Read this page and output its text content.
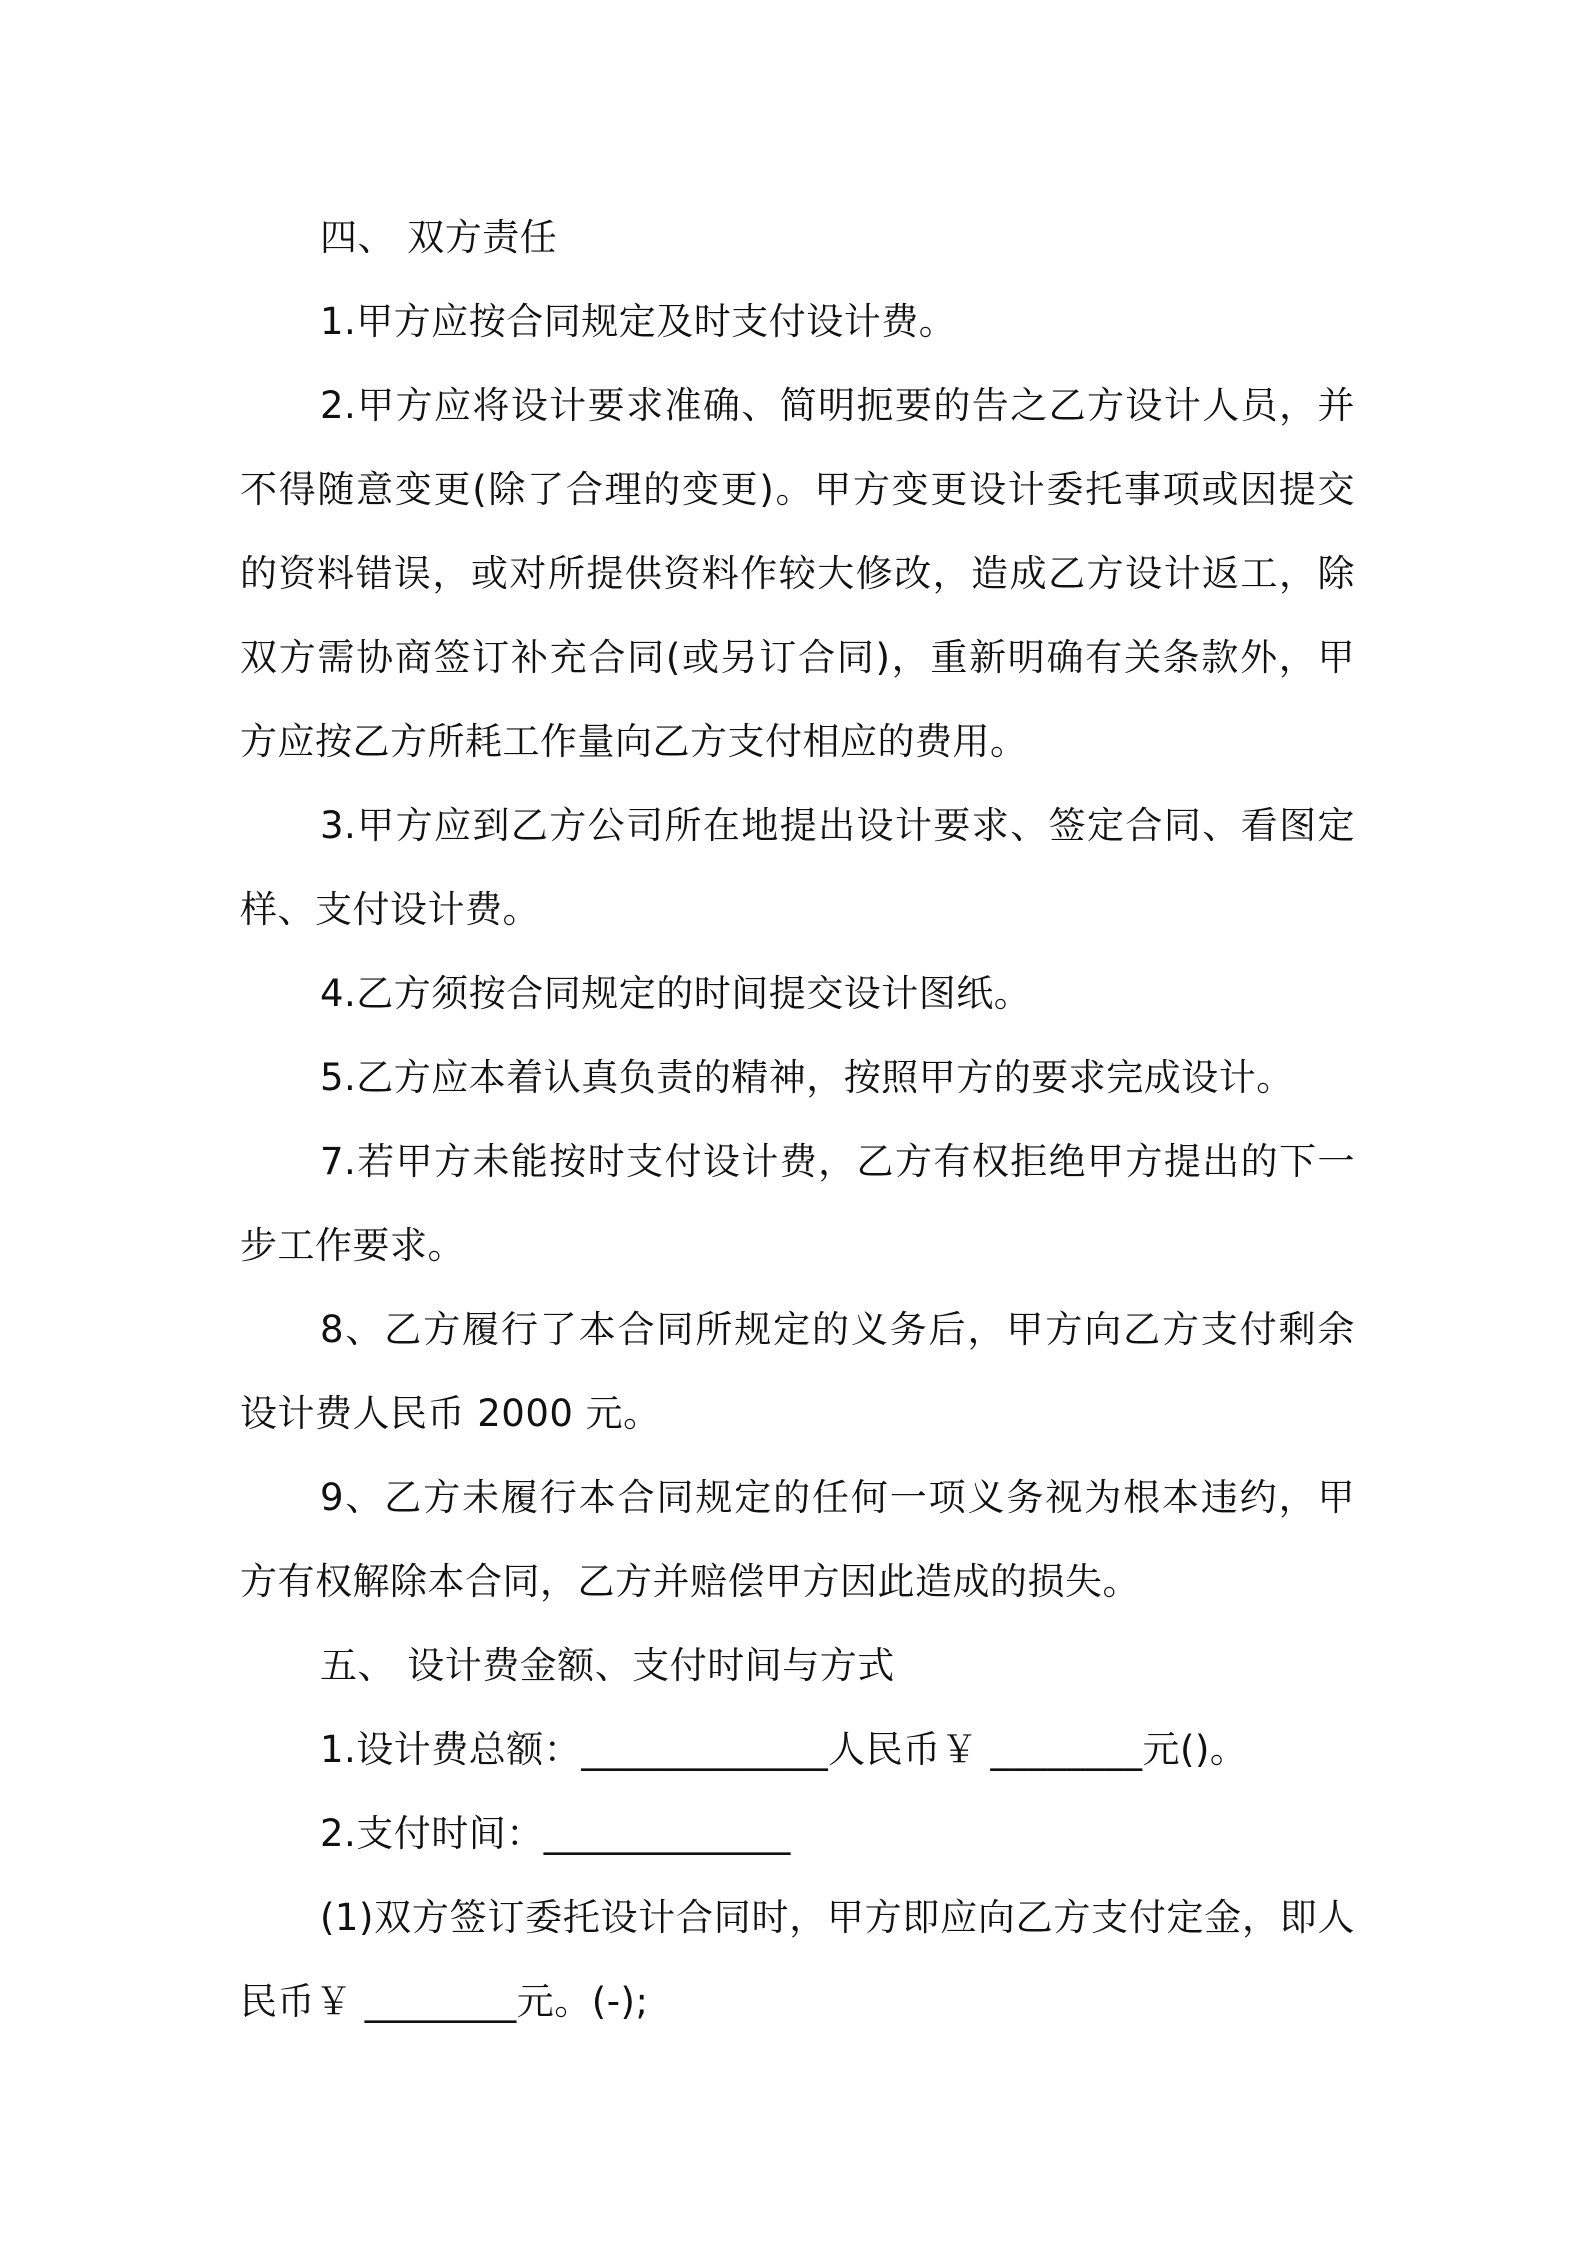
四、 双方责任

1.甲方应按合同规定及时支付设计费。

2.甲方应将设计要求准确、简明扼要的告之乙方设计人员，并不得随意变更(除了合理的变更)。甲方变更设计委托事项或因提交的资料错误，或对所提供资料作较大修改，造成乙方设计返工，除双方需协商签订补充合同(或另订合同)，重新明确有关条款外，甲方应按乙方所耗工作量向乙方支付相应的费用。

3.甲方应到乙方公司所在地提出设计要求、签定合同、看图定样、支付设计费。

4.乙方须按合同规定的时间提交设计图纸。

5.乙方应本着认真负责的精神，按照甲方的要求完成设计。

7.若甲方未能按时支付设计费，乙方有权拒绝甲方提出的下一步工作要求。

8、乙方履行了本合同所规定的义务后，甲方向乙方支付剩余设计费人民币 2000 元。

9、乙方未履行本合同规定的任何一项义务视为根本违约，甲方有权解除本合同，乙方并赔偿甲方因此造成的损失。

五、 设计费金额、支付时间与方式

1.设计费总额：_____________人民币￥ ________元()。

2.支付时间：_____________

(1)双方签订委托设计合同时，甲方即应向乙方支付定金，即人民币￥ ________元。(-);
